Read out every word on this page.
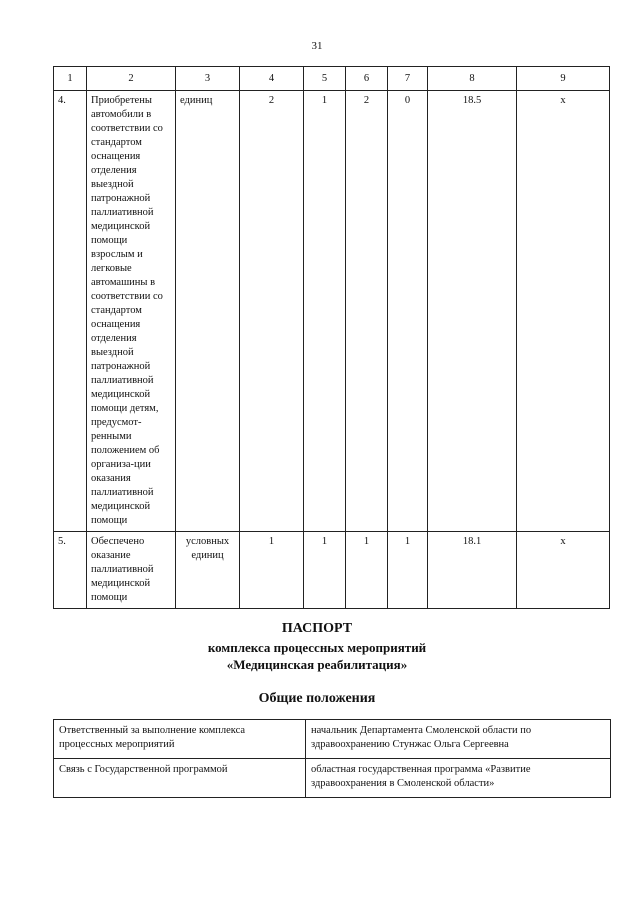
31
1	2	3	4	5	6	7	8	9
4.	Приобретены автомобили в соответствии со стандартом оснащения отделения выездной патронажной паллиативной медицинской помощи взрослым и легковые автомашины в соответствии со стандартом оснащения отделения выездной патронажной паллиативной медицинской помощи детям, предусмот-ренными положением об организа-ции оказания паллиативной медицинской помощи	единиц	2	1	2	0	18.5	х
5.	Обеспечено оказание паллиативной медицинской помощи	условных единиц	1	1	1	1	18.1	х
ПАСПОРТ
комплекса процессных мероприятий
«Медицинская реабилитация»
Общие положения
Ответственный за выполнение комплекса процессных мероприятий	начальник Департамента Смоленской области по здравоохранению Стунжас Ольга Сергеевна
Связь с Государственной программой	областная государственная программа «Развитие здравоохранения в Смоленской области»
